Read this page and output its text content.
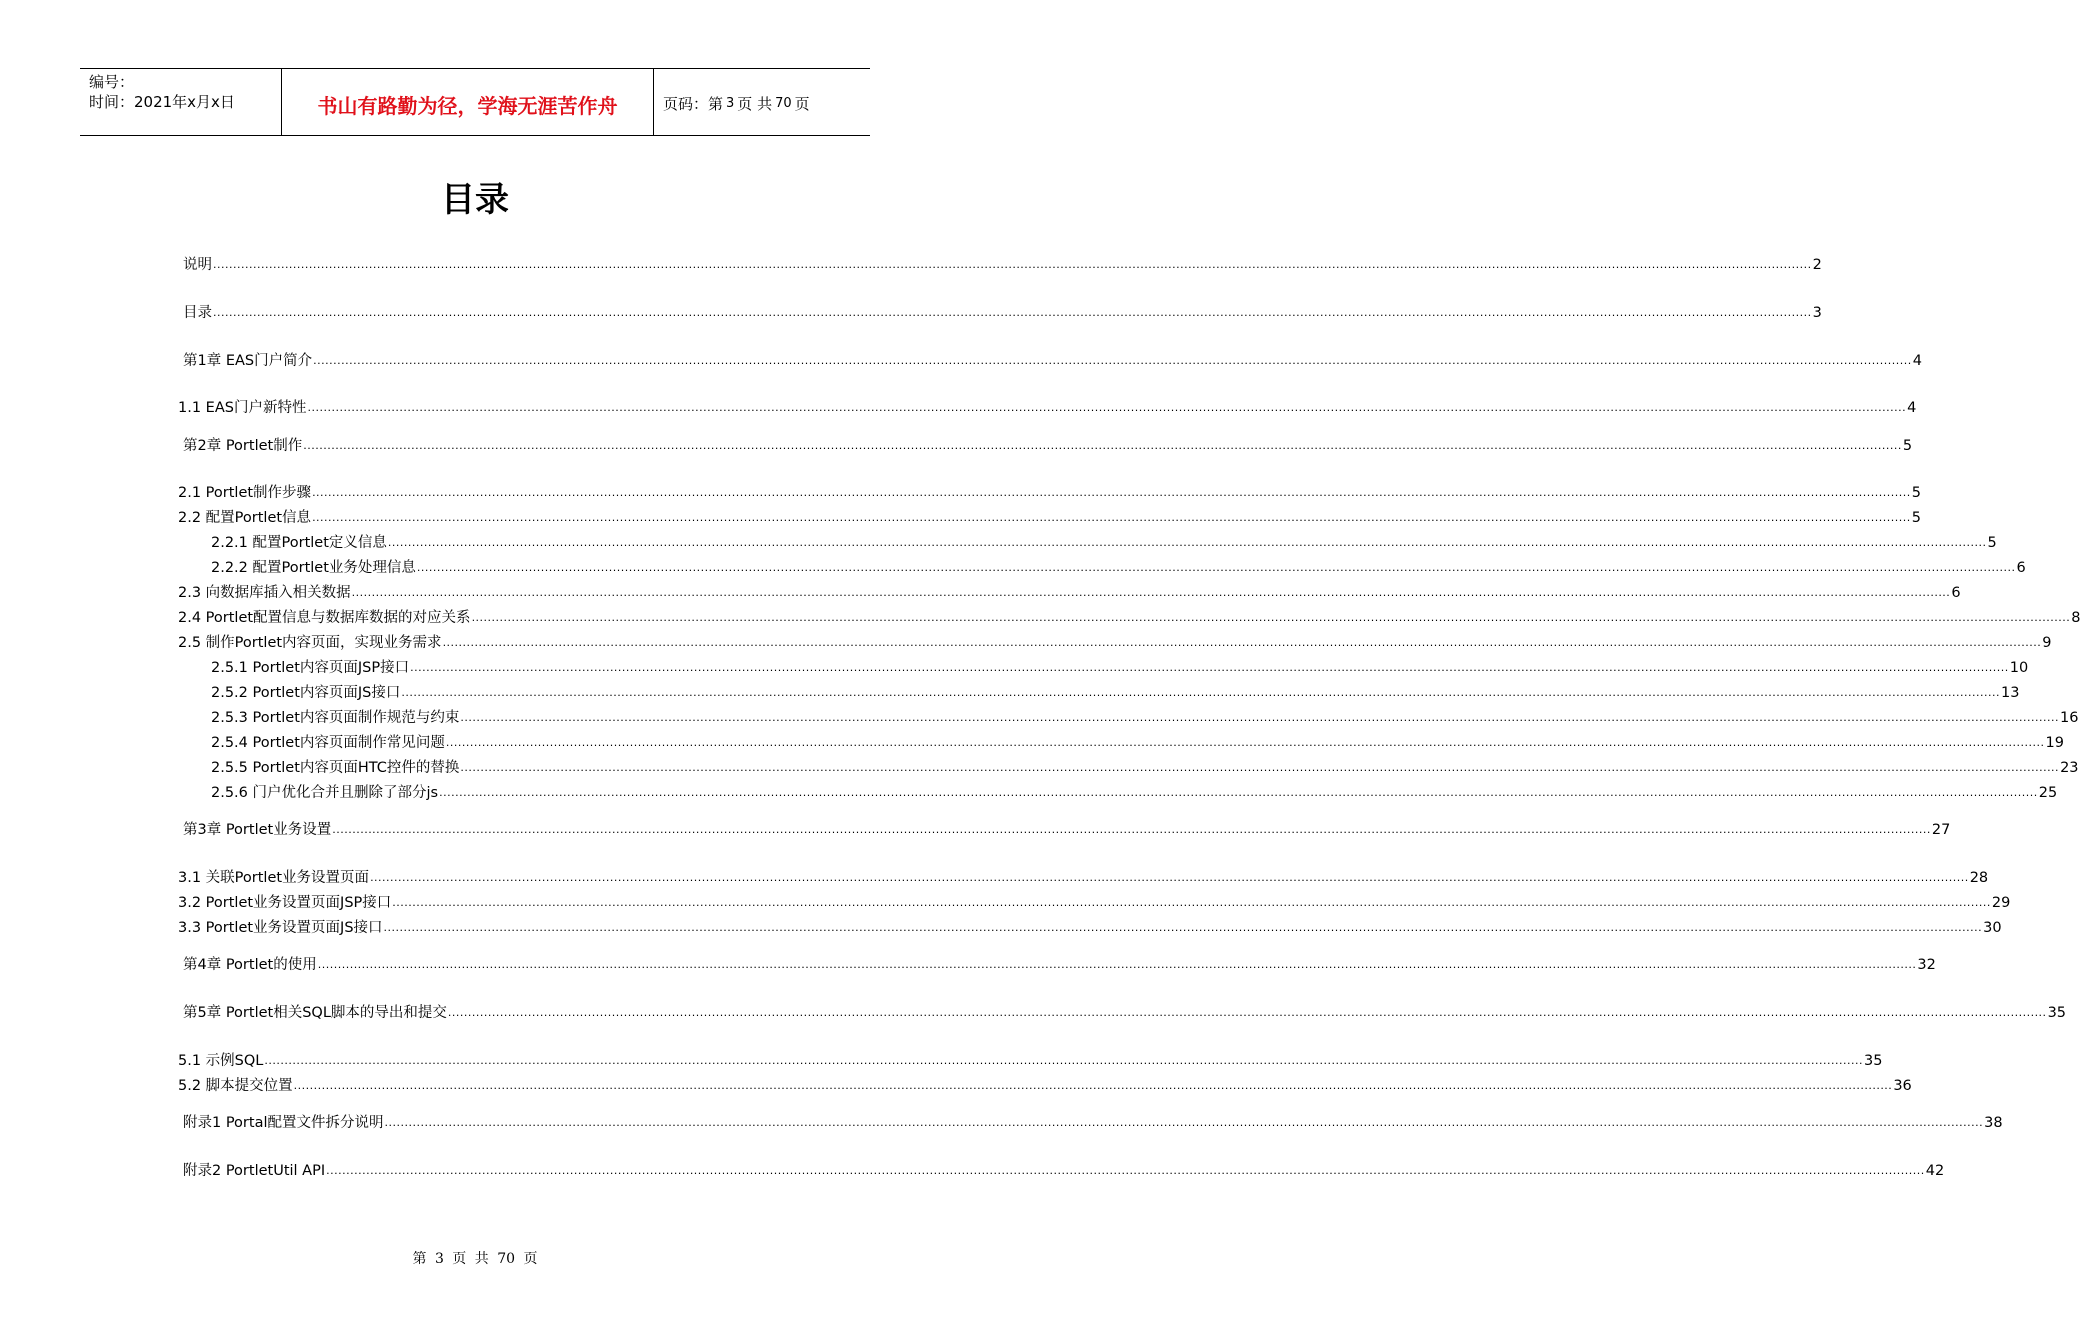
编号：
时间：2021年x月x日	书山有路勤为径，学海无涯苦作舟	页码：第 3 页 共 70 页
目录
说明 ................................................................................................................................................................................................................................................................................................................................................................................................................ 2
目录 ................................................................................................................................................................................................................................................................................................................................................................................................................ 3
第1章 EAS门户简介 ................................................................................................................................................................................................................................................................................................................................................................................................................ 4
1.1 EAS门户新特性 ................................................................................................................................................................................................................................................................................................................................................................................................................ 4
第2章 Portlet制作 ................................................................................................................................................................................................................................................................................................................................................................................................................ 5
2.1 Portlet制作步骤 ................................................................................................................................................................................................................................................................................................................................................................................................................ 5
2.2 配置Portlet信息 ................................................................................................................................................................................................................................................................................................................................................................................................................ 5
2.2.1 配置Portlet定义信息 ................................................................................................................................................................................................................................................................................................................................................................................................................ 5
2.2.2 配置Portlet业务处理信息 ................................................................................................................................................................................................................................................................................................................................................................................................................ 6
2.3 向数据库插入相关数据 ................................................................................................................................................................................................................................................................................................................................................................................................................ 6
2.4 Portlet配置信息与数据库数据的对应关系 ................................................................................................................................................................................................................................................................................................................................................................................................................ 8
2.5 制作Portlet内容页面，实现业务需求 ................................................................................................................................................................................................................................................................................................................................................................................................................ 9
2.5.1 Portlet内容页面JSP接口 ................................................................................................................................................................................................................................................................................................................................................................................................................ 10
2.5.2 Portlet内容页面JS接口 ................................................................................................................................................................................................................................................................................................................................................................................................................ 13
2.5.3 Portlet内容页面制作规范与约束 ................................................................................................................................................................................................................................................................................................................................................................................................................ 16
2.5.4 Portlet内容页面制作常见问题 ................................................................................................................................................................................................................................................................................................................................................................................................................ 19
2.5.5 Portlet内容页面HTC控件的替换 ................................................................................................................................................................................................................................................................................................................................................................................................................ 23
2.5.6 门户优化合并且删除了部分js ................................................................................................................................................................................................................................................................................................................................................................................................................ 25
第3章 Portlet业务设置 ................................................................................................................................................................................................................................................................................................................................................................................................................ 27
3.1 关联Portlet业务设置页面 ................................................................................................................................................................................................................................................................................................................................................................................................................ 28
3.2 Portlet业务设置页面JSP接口 ................................................................................................................................................................................................................................................................................................................................................................................................................ 29
3.3 Portlet业务设置页面JS接口 ................................................................................................................................................................................................................................................................................................................................................................................................................ 30
第4章 Portlet的使用 ................................................................................................................................................................................................................................................................................................................................................................................................................ 32
第5章 Portlet相关SQL脚本的导出和提交 ................................................................................................................................................................................................................................................................................................................................................................................................................ 35
5.1 示例SQL ................................................................................................................................................................................................................................................................................................................................................................................................................ 35
5.2 脚本提交位置 ................................................................................................................................................................................................................................................................................................................................................................................................................ 36
附录1 Portal配置文件拆分说明 ................................................................................................................................................................................................................................................................................................................................................................................................................ 38
附录2 PortletUtil API ................................................................................................................................................................................................................................................................................................................................................................................................................ 42
第 3 页 共 70 页
